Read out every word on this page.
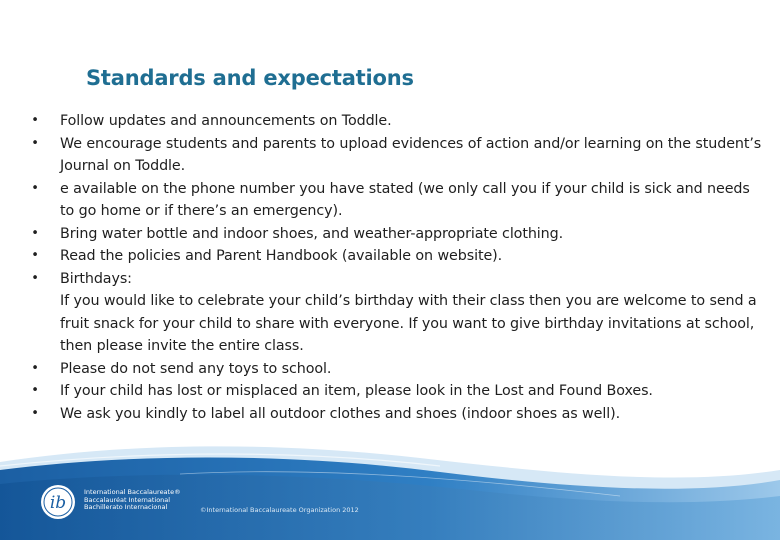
Standards and expectations
• Follow updates and announcements on Toddle.
• We encourage students and parents to upload evidences of action and/or learning on the student’s Journal on Toddle.
• e available on the phone number you have stated (we only call you if your child is sick and needs to go home or if there’s an emergency).
• Bring water bottle and indoor shoes, and weather-appropriate clothing.
• Read the policies and Parent Handbook (available on website).
• Birthdays:
If you would like to celebrate your child’s birthday with their class then you are welcome to send a fruit snack for your child to share with everyone. If you want to give birthday invitations at school, then please invite the entire class.
• Please do not send any toys to school.
• If your child has lost or misplaced an item, please look in the Lost and Found Boxes.
• We ask you kindly to label all outdoor clothes and shoes (indoor shoes as well).
ib
International Baccalaureate®
Baccalauréat International
Bachillerato Internacional	©International Baccalaureate Organization 2012
